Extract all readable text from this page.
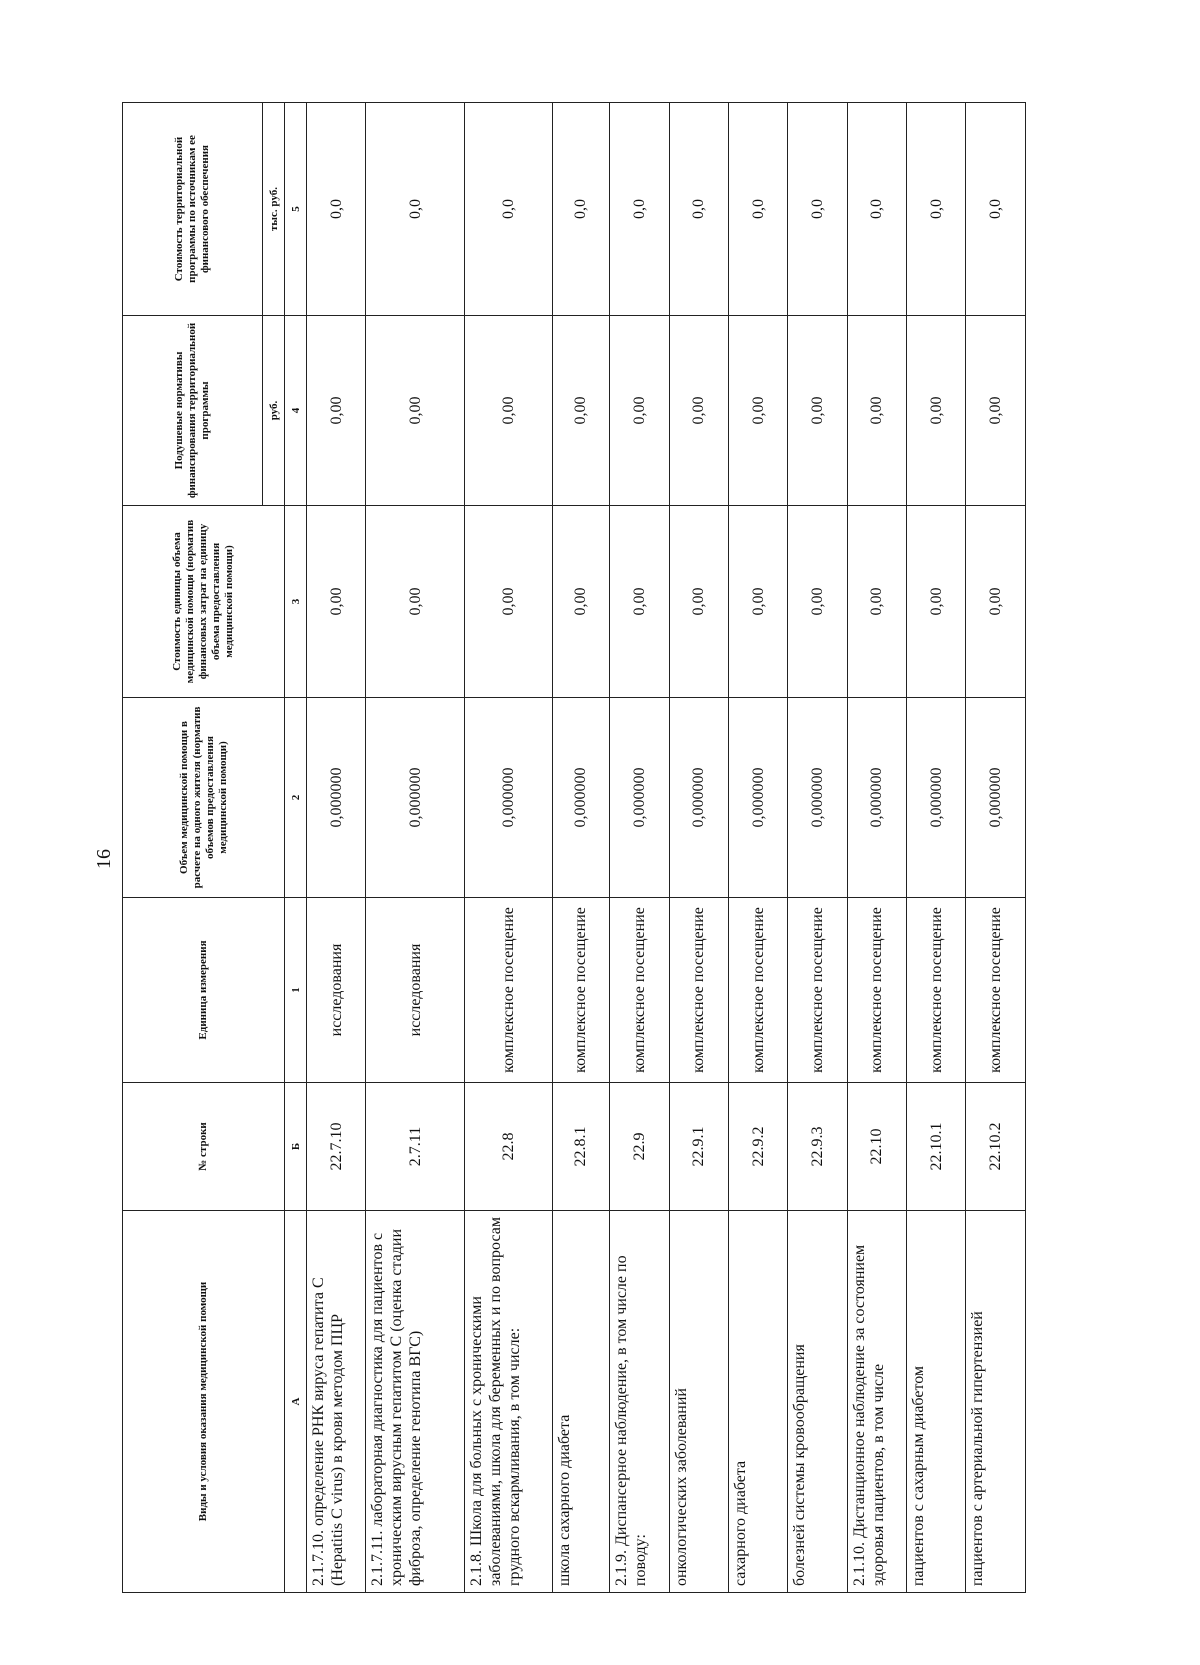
16
Виды и условия оказания медицинской помощи	№ строки	Единица измерения	Объем медицинской помощи в расчете на одного жителя (норматив объемов предоставления медицинской помощи)	Стоимость единицы объема медицинской помощи (норматив финансовых затрат на единицу объема предоставления медицинской помощи)	Подушевые нормативы финансирования территориальной программы	Стоимость территориальной программы по источникам ее финансового обеспечения
					руб.	тыс. руб.
А	Б	1	2	3	4	5
2.1.7.10. определение РНК вируса гепатита С (Hepatitis C virus) в крови методом ПЦР	22.7.10	исследования	0,000000	0,00	0,00	0,0
2.1.7.11. лабораторная диагностика для пациентов с хроническим вирусным гепатитом С (оценка стадии фиброза, определение генотипа ВГС)	2.7.11	исследования	0,000000	0,00	0,00	0,0
2.1.8. Школа для больных с хроническими заболеваниями, школа для беременных и по вопросам грудного вскармливания, в том числе:	22.8	комплексное посещение	0,000000	0,00	0,00	0,0
школа сахарного диабета	22.8.1	комплексное посещение	0,000000	0,00	0,00	0,0
2.1.9. Диспансерное наблюдение, в том числе по поводу:	22.9	комплексное посещение	0,000000	0,00	0,00	0,0
онкологических заболеваний	22.9.1	комплексное посещение	0,000000	0,00	0,00	0,0
сахарного диабета	22.9.2	комплексное посещение	0,000000	0,00	0,00	0,0
болезней системы кровообращения	22.9.3	комплексное посещение	0,000000	0,00	0,00	0,0
2.1.10. Дистанционное наблюдение за состоянием здоровья пациентов, в том числе	22.10	комплексное посещение	0,000000	0,00	0,00	0,0
пациентов с сахарным диабетом	22.10.1	комплексное посещение	0,000000	0,00	0,00	0,0
пациентов с артериальной гипертензией	22.10.2	комплексное посещение	0,000000	0,00	0,00	0,0
